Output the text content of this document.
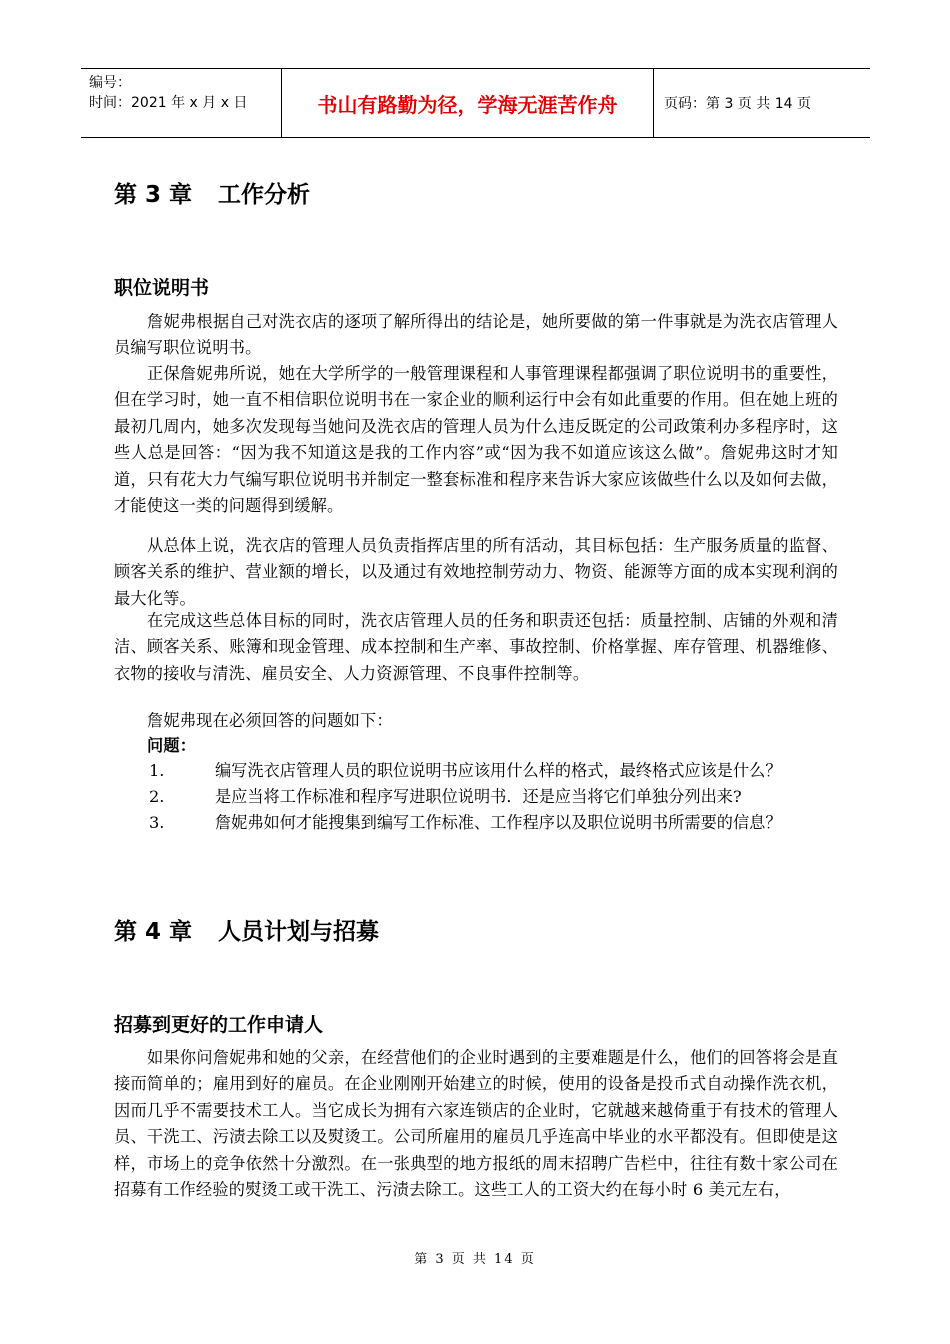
编号：
时间：2021 年 x 月 x 日	书山有路勤为径，学海无涯苦作舟	页码：第 3 页 共 14 页
第 3 章 工作分析
职位说明书

詹妮弗根据自己对洗衣店的逐项了解所得出的结论是，她所要做的第一件事就是为洗衣店管理人员编写职位说明书。

正保詹妮弗所说，她在大学所学的一般管理课程和人事管理课程都强调了职位说明书的重要性，但在学习时，她一直不相信职位说明书在一家企业的顺利运行中会有如此重要的作用。但在她上班的最初几周内，她多次发现每当她问及洗衣店的管理人员为什么违反既定的公司政策利办多程序时，这些人总是回答：“因为我不知道这是我的工作内容”或“因为我不如道应该这么做”。詹妮弗这时才知道，只有花大力气编写职位说明书并制定一整套标准和程序来告诉大家应该做些什么以及如何去做，才能使这一类的问题得到缓解。

从总体上说，洗衣店的管理人员负责指挥店里的所有活动，其目标包括：生产服务质量的监督、顾客关系的维护、营业额的增长，以及通过有效地控制劳动力、物资、能源等方面的成本实现利润的最大化等。

在完成这些总体目标的同时，洗衣店管理人员的任务和职责还包括：质量控制、店铺的外观和清洁、顾客关系、账簿和现金管理、成本控制和生产率、事故控制、价格掌握、库存管理、机器维修、衣物的接收与清洗、雇员安全、人力资源管理、不良事件控制等。

詹妮弗现在必须回答的问题如下：

问题：

1.	编写洗衣店管理人员的职位说明书应该用什么样的格式，最终格式应该是什么？
2.	是应当将工作标准和程序写进职位说明书．还是应当将它们单独分列出来?
3.	詹妮弗如何才能搜集到编写工作标准、工作程序以及职位说明书所需要的信息？
第 4 章 人员计划与招募
招募到更好的工作申请人

如果你问詹妮弗和她的父亲，在经营他们的企业时遇到的主要难题是什么，他们的回答将会是直接而简单的；雇用到好的雇员。在企业刚刚开始建立的时候，使用的设备是投币式自动操作洗衣机，因而几乎不需要技术工人。当它成长为拥有六家连锁店的企业时，它就越来越倚重于有技术的管理人员、干洗工、污渍去除工以及熨烫工。公司所雇用的雇员几乎连高中毕业的水平都没有。但即使是这样，市场上的竞争依然十分激烈。在一张典型的地方报纸的周末招聘广告栏中，往往有数十家公司在招募有工作经验的熨烫工或干洗工、污渍去除工。这些工人的工资大约在每小时 6 美元左右，

第 3 页 共 14 页
